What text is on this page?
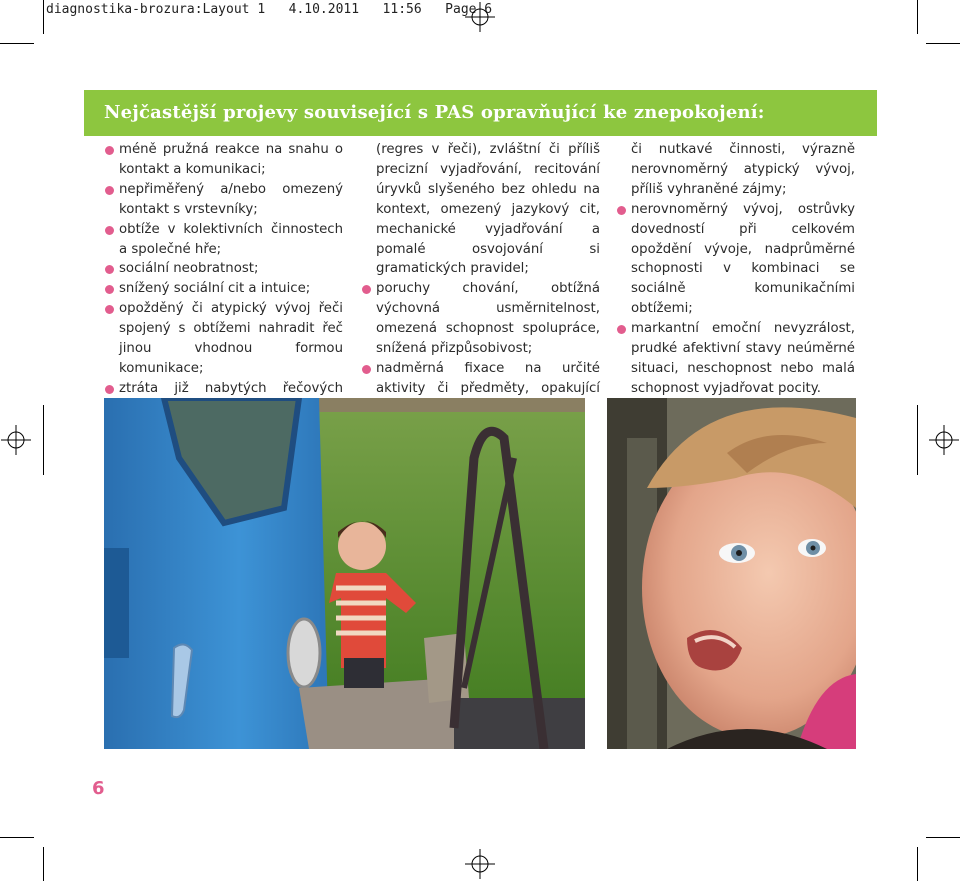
diagnostika-brozura:Layout 1   4.10.2011   11:56   Page 6
Nejčastější projevy související s PAS opravňující ke znepokojení:
méně pružná reakce na snahu o kontakt a komunikaci;
nepřiměřený a/nebo omezený kontakt s vrstevníky;
obtíže v kolektivních činnostech a společné hře;
sociální neobratnost;
snížený sociální cit a intuice;
opožděný či atypický vývoj řeči spojený s obtížemi nahradit řeč jinou vhodnou formou komunikace;
ztráta již nabytých řečových

(regres v řeči), zvláštní či příliš precizní vyjadřování, recitování úryvků slyšeného bez ohledu na kontext, omezený jazykový cit, mechanické vyjadřování a pomalé osvojování si gramatických pravidel;

poruchy chování, obtížná výchovná usměrnitelnost, omezená schopnost spolupráce, snížená přizpůsobivost;
nadměrná fixace na určité aktivity či předměty, opakující

či nutkavé činnosti, výrazně nerovnoměrný atypický vývoj, příliš vyhraněné zájmy;

nerovnoměrný vývoj, ostrůvky dovedností při celkovém opoždění vývoje, nadprůměrné schopnosti v kombinaci se sociálně komunikačními obtížemi;
markantní emoční nevyzrálost, prudké afektivní stavy neúměrné situaci, neschopnost nebo malá schopnost vyjadřovat pocity.
6
